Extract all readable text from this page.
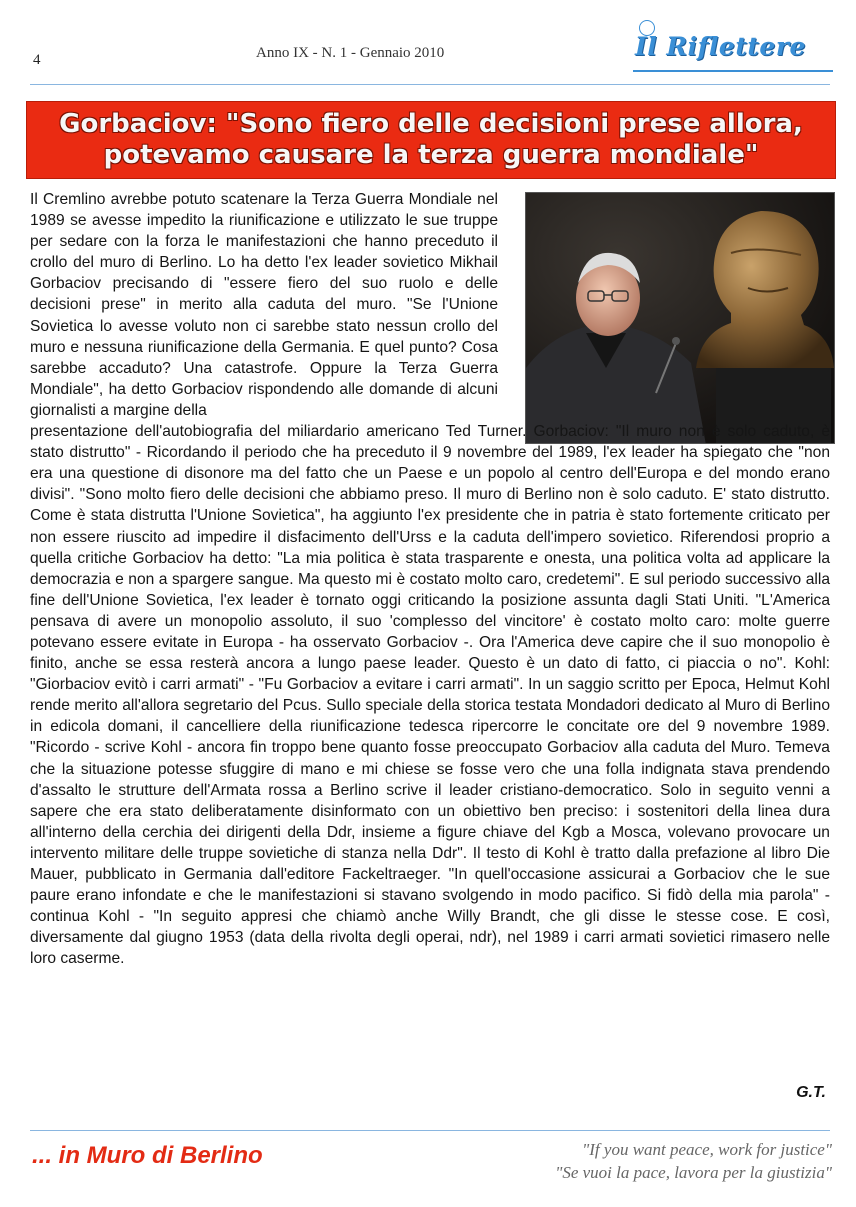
4	Anno IX - N. 1 - Gennaio 2010	Il Riflettere
Gorbaciov: "Sono fiero delle decisioni prese allora,
potevamo causare la terza guerra mondiale"

Il Cremlino avrebbe potuto scatenare la Terza Guerra Mondiale nel 1989 se avesse impedito la riunificazione e utilizzato le sue truppe per sedare con la forza le manifestazioni che hanno preceduto il crollo del muro di Berlino. Lo ha detto l'ex leader sovietico Mikhail Gorbaciov precisando di "essere fiero del suo ruolo e delle decisioni prese" in merito alla caduta del muro. "Se l'Unione Sovietica lo avesse voluto non ci sarebbe stato nessun crollo del muro e nessuna riunificazione della Germania. E quel punto? Cosa sarebbe accaduto? Una catastrofe. Oppure la Terza Guerra Mondiale", ha detto Gorbaciov rispondendo alle domande di alcuni giornalisti a margine della

presentazione dell'autobiografia del miliardario americano Ted Turner. Gorbaciov: "Il muro non è solo caduto, è stato distrutto" - Ricordando il periodo che ha preceduto il 9 novembre del 1989, l'ex leader ha spiegato che "non era una questione di disonore ma del fatto che un Paese e un popolo al centro dell'Europa e del mondo erano divisi". "Sono molto fiero delle decisioni che abbiamo preso. Il muro di Berlino non è solo caduto. E' stato distrutto. Come è stata distrutta l'Unione Sovietica", ha aggiunto l'ex presidente che in patria è stato fortemente criticato per non essere riuscito ad impedire il disfacimento dell'Urss e la caduta dell'impero sovietico. Riferendosi proprio a quella critiche Gorbaciov ha detto: "La mia politica è stata trasparente e onesta, una politica volta ad applicare la democrazia e non a spargere sangue. Ma questo mi è costato molto caro, credetemi". E sul periodo successivo alla fine dell'Unione Sovietica, l'ex leader è tornato oggi criticando la posizione assunta dagli Stati Uniti. "L'America pensava di avere un monopolio assoluto, il suo 'complesso del vincitore' è costato molto caro: molte guerre potevano essere evitate in Europa - ha osservato Gorbaciov -. Ora l'America deve capire che il suo monopolio è finito, anche se essa resterà ancora a lungo paese leader. Questo è un dato di fatto, ci piaccia o no". Kohl: "Giorbaciov evitò i carri armati" - "Fu Gorbaciov a evitare i carri armati". In un saggio scritto per Epoca, Helmut Kohl rende merito all'allora segretario del Pcus. Sullo speciale della storica testata Mondadori dedicato al Muro di Berlino in edicola domani, il cancelliere della riunificazione tedesca ripercorre le concitate ore del 9 novembre 1989. "Ricordo - scrive Kohl - ancora fin troppo bene quanto fosse preoccupato Gorbaciov alla caduta del Muro. Temeva che la situazione potesse sfuggire di mano e mi chiese se fosse vero che una folla indignata stava prendendo d'assalto le strutture dell'Armata rossa a Berlino scrive il leader cristiano-democratico. Solo in seguito venni a sapere che era stato deliberatamente disinformato con un obiettivo ben preciso: i sostenitori della linea dura all'interno della cerchia dei dirigenti della Ddr, insieme a figure chiave del Kgb a Mosca, volevano provocare un intervento militare delle truppe sovietiche di stanza nella Ddr". Il testo di Kohl è tratto dalla prefazione al libro Die Mauer, pubblicato in Germania dall'editore Fackeltraeger. "In quell'occasione assicurai a Gorbaciov che le sue paure erano infondate e che le manifestazioni si stavano svolgendo in modo pacifico. Si fidò della mia parola" - continua Kohl - "In seguito appresi che chiamò anche Willy Brandt, che gli disse le stesse cose. E così, diversamente dal giugno 1953 (data della rivolta degli operai, ndr), nel 1989 i carri armati sovietici rimasero nelle loro caserme.

G.T.
... in Muro di Berlino	"If you want peace, work for justice"
"Se vuoi la pace, lavora per la giustizia"
